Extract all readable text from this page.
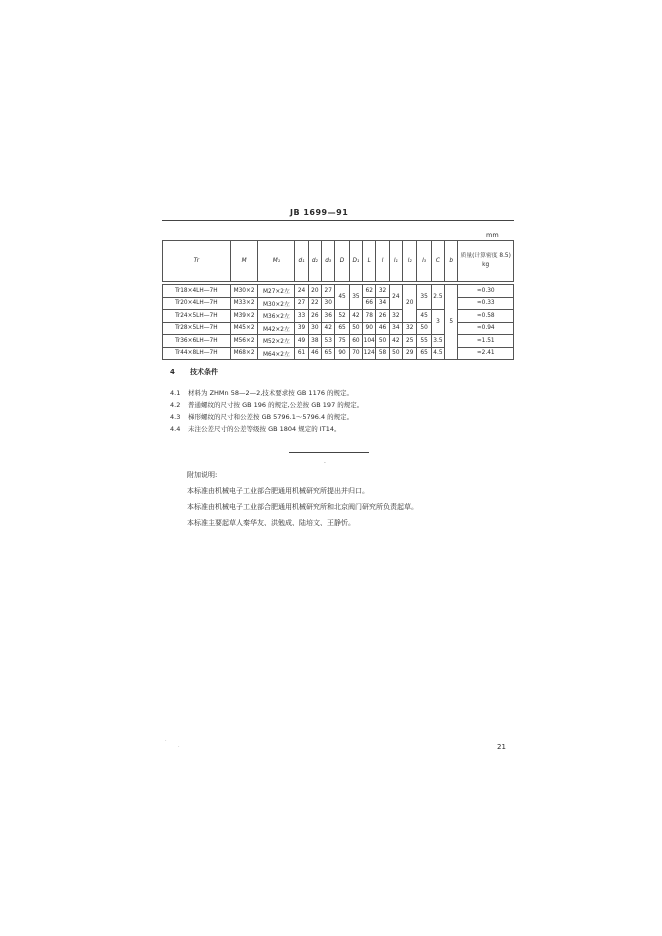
JB 1699—91
mm
Tr	M	M₁	d₁	d₂	d₃	D	D₁	L	l	l₁	l₂	l₃	C	b	质量(计算密度 8.5) kg

Tr18×4LH—7H	M30×2	M27×2左	24	20	27	45	35	62	32	24	20	35	2.5	5	≈0.30
Tr20×4LH—7H	M33×2	M30×2左	27	22	30			66	34						≈0.33
Tr24×5LH—7H	M39×2	M36×2左	33	26	36	52	42	78	26	32		45	3		≈0.58
Tr28×5LH—7H	M45×2	M42×2左	39	30	42	65	50	90	46	34	32	50			≈0.94
Tr36×6LH—7H	M56×2	M52×2左	49	38	53	75	60	104	50	42	25	55	3.5		≈1.51
Tr44×8LH—7H	M68×2	M64×2左	61	46	65	90	70	124	58	50	29	65	4.5		≈2.41
4 技术条件
4.1 材料为 ZHMn 58—2—2,技术要求按 GB 1176 的规定。
4.2 普通螺纹的尺寸按 GB 196 的规定,公差按 GB 197 的规定。
4.3 梯形螺纹的尺寸和公差按 GB 5796.1～5796.4 的规定。
4.4 未注公差尺寸的公差等级按 GB 1804 规定的 IT14。
·
附加说明:
本标准由机械电子工业部合肥通用机械研究所提出并归口。
本标准由机械电子工业部合肥通用机械研究所和北京阀门研究所负责起草。
本标准主要起草人秦华友、洪勉成、陆培文、王静忻。
·
·	21
